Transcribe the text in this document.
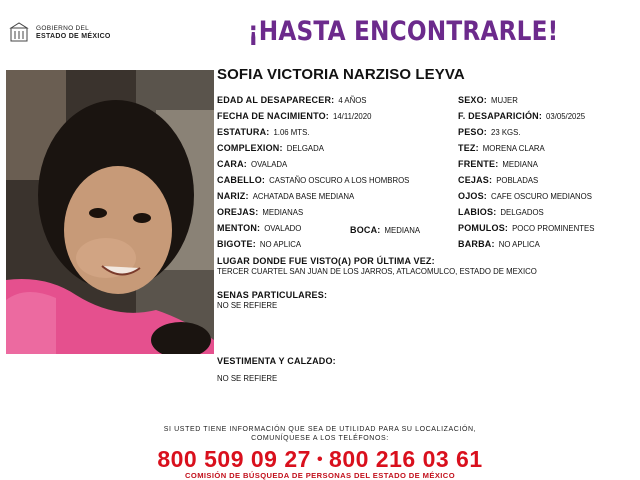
GOBIERNO DEL
ESTADO DE MÉXICO	¡HASTA ENCONTRARLE!
SOFIA VICTORIA NARZISO LEYVA
EDAD AL DESAPARECER: 4 AÑOS
FECHA DE NACIMIENTO: 14/11/2020
ESTATURA: 1.06 MTS.
COMPLEXION: DELGADA
CARA: OVALADA
CABELLO: CASTAÑO OSCURO A LOS HOMBROS
NARIZ: ACHATADA BASE MEDIANA
OREJAS: MEDIANAS
MENTON: OVALADO	BOCA: MEDIANA
BIGOTE: NO APLICA
SEXO: MUJER
F. DESAPARICIÓN: 03/05/2025
PESO: 23 KGS.
TEZ: MORENA CLARA
FRENTE: MEDIANA
CEJAS: POBLADAS
OJOS: CAFE OSCURO MEDIANOS
LABIOS: DELGADOS
POMULOS: POCO PROMINENTES
BARBA: NO APLICA
LUGAR DONDE FUE VISTO(A) POR ÚLTIMA VEZ:
TERCER CUARTEL SAN JUAN DE LOS JARROS, ATLACOMULCO, ESTADO DE MEXICO
SENAS PARTICULARES:
NO SE REFIERE
VESTIMENTA Y CALZADO:
NO SE REFIERE
SI USTED TIENE INFORMACIÓN QUE SEA DE UTILIDAD PARA SU LOCALIZACIÓN,
COMUNÍQUESE A LOS TELÉFONOS:
800 509 09 27 • 800 216 03 61
COMISIÓN DE BÚSQUEDA DE PERSONAS DEL ESTADO DE MÉXICO
